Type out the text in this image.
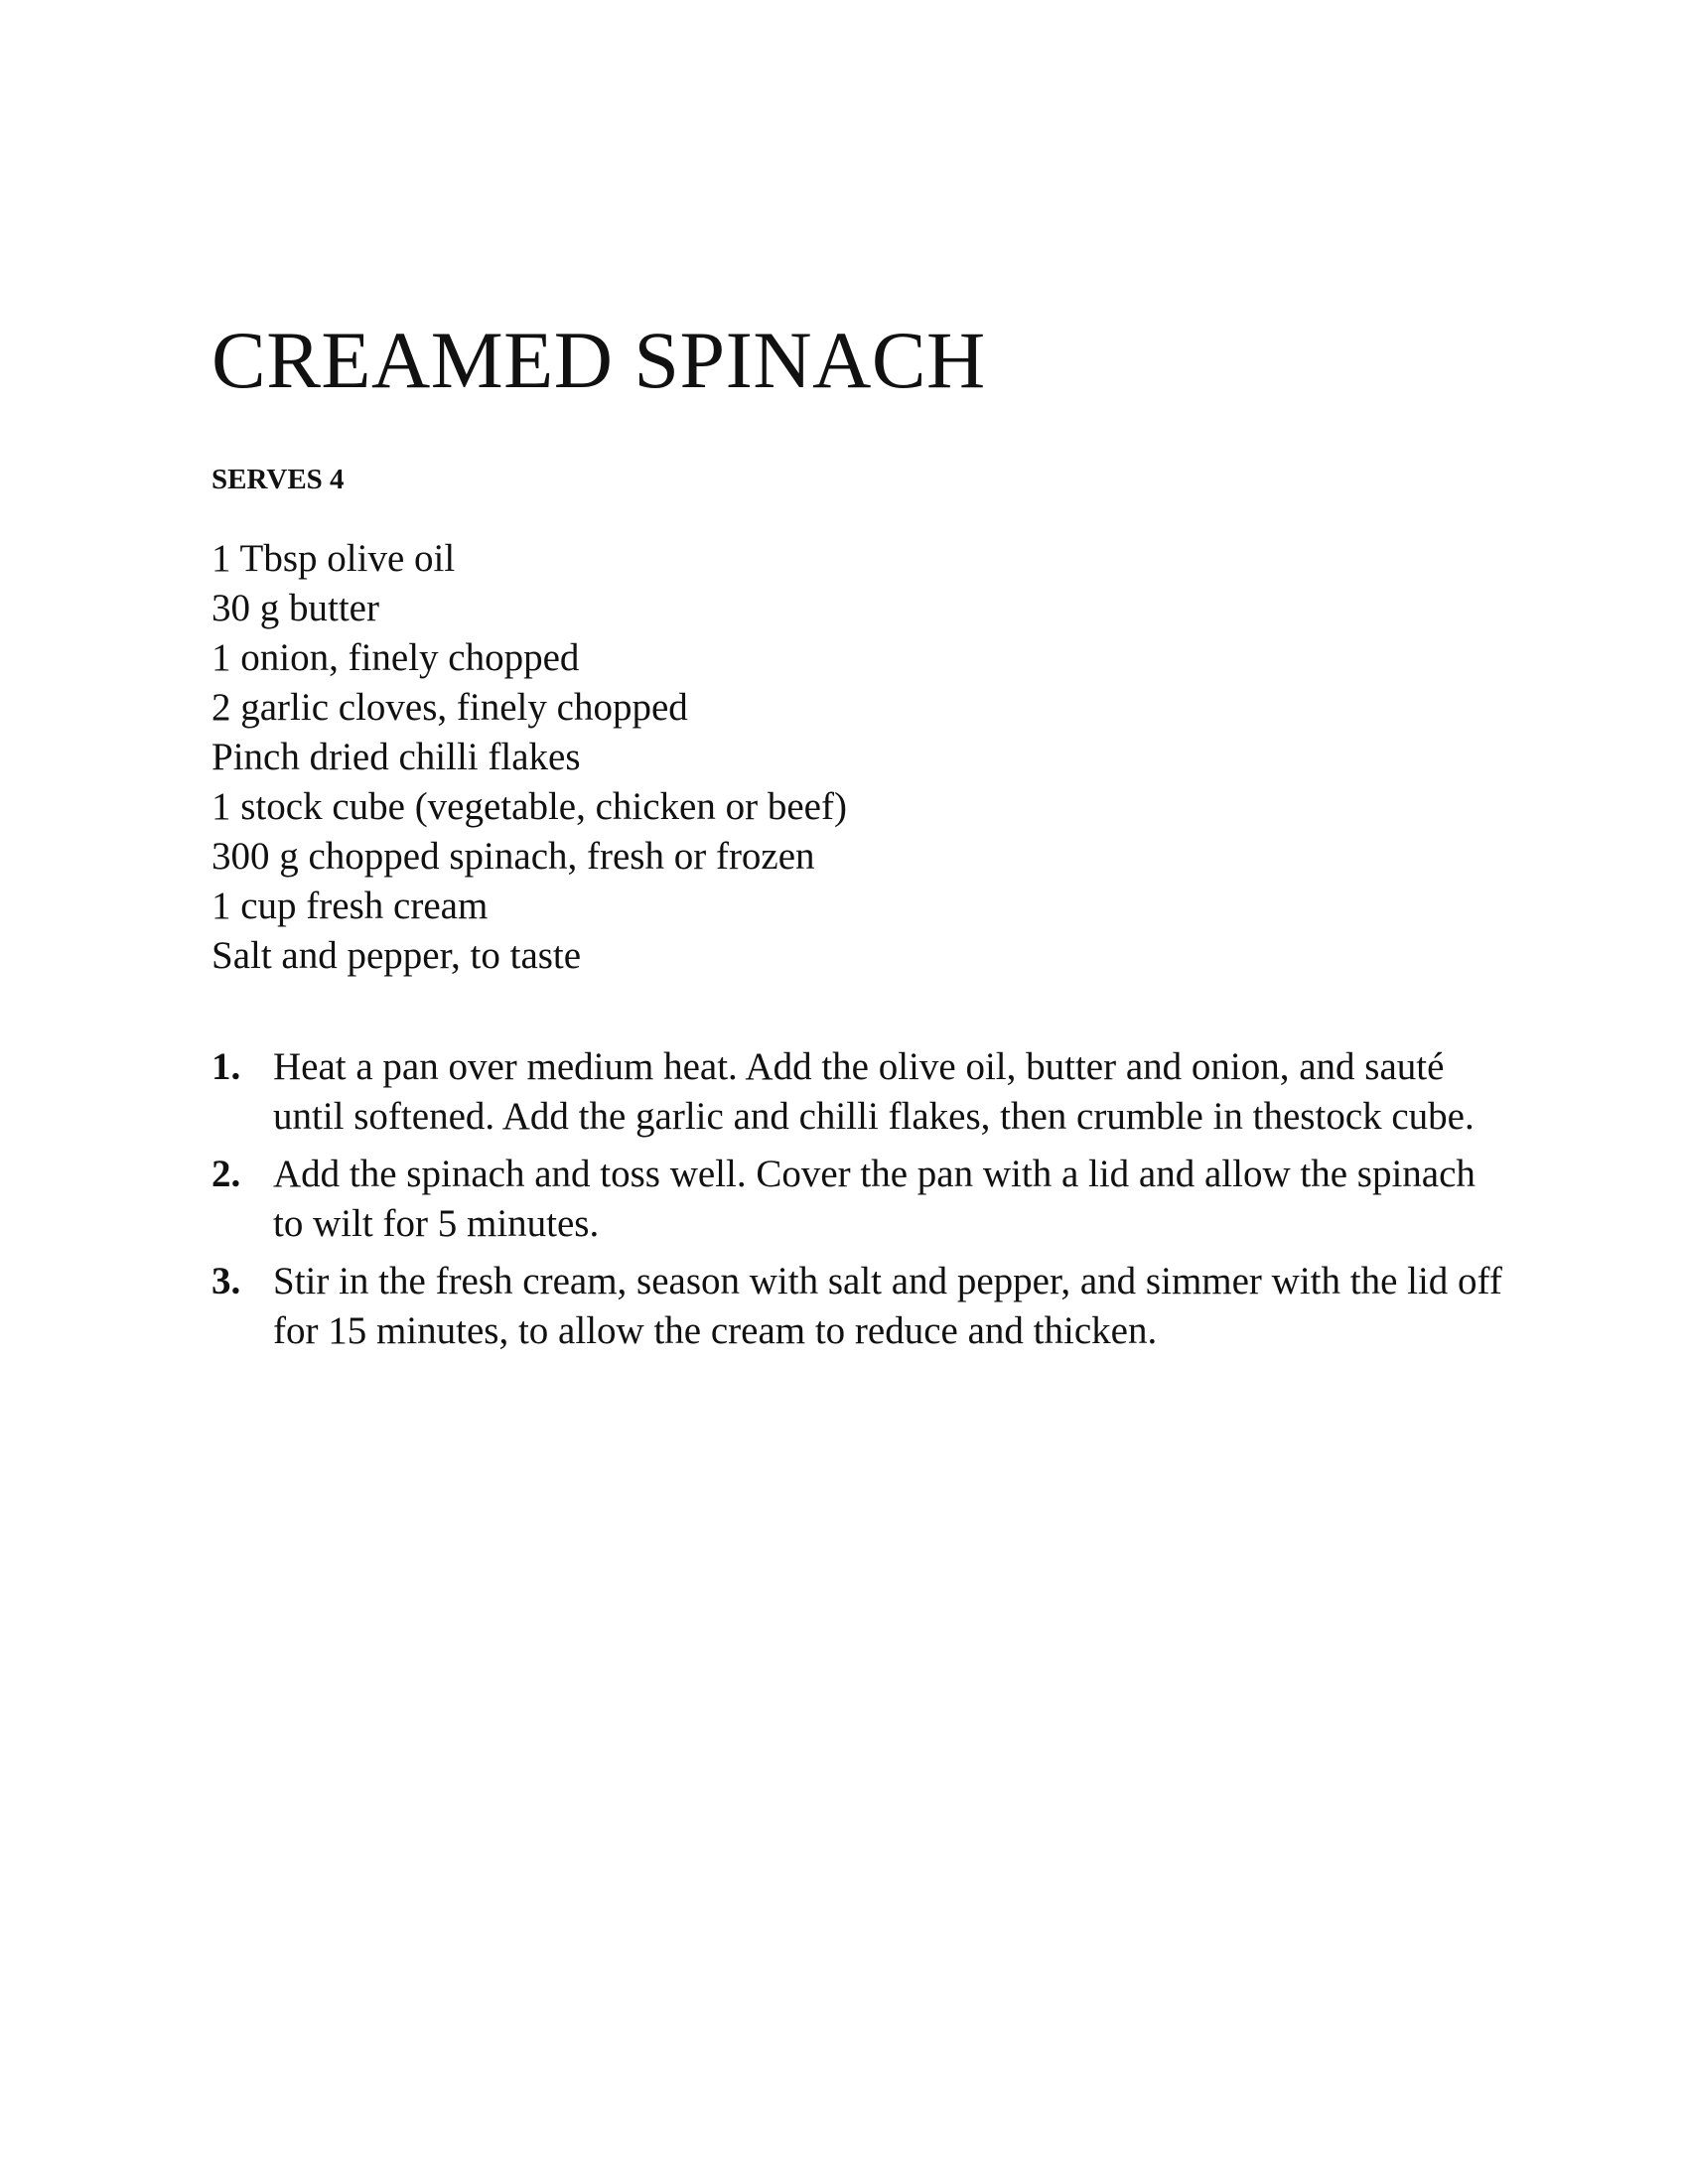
CREAMED SPINACH
SERVES 4
1 Tbsp olive oil
30 g butter
1 onion, finely chopped
2 garlic cloves, finely chopped
Pinch dried chilli flakes
1 stock cube (vegetable, chicken or beef)
300 g chopped spinach, fresh or frozen
1 cup fresh cream
Salt and pepper, to taste
1. Heat a pan over medium heat. Add the olive oil, butter and onion, and sauté until softened. Add the garlic and chilli flakes, then crumble in thestock cube.
2. Add the spinach and toss well. Cover the pan with a lid and allow the spinach to wilt for 5 minutes.
3. Stir in the fresh cream, season with salt and pepper, and simmer with the lid off for 15 minutes, to allow the cream to reduce and thicken.
